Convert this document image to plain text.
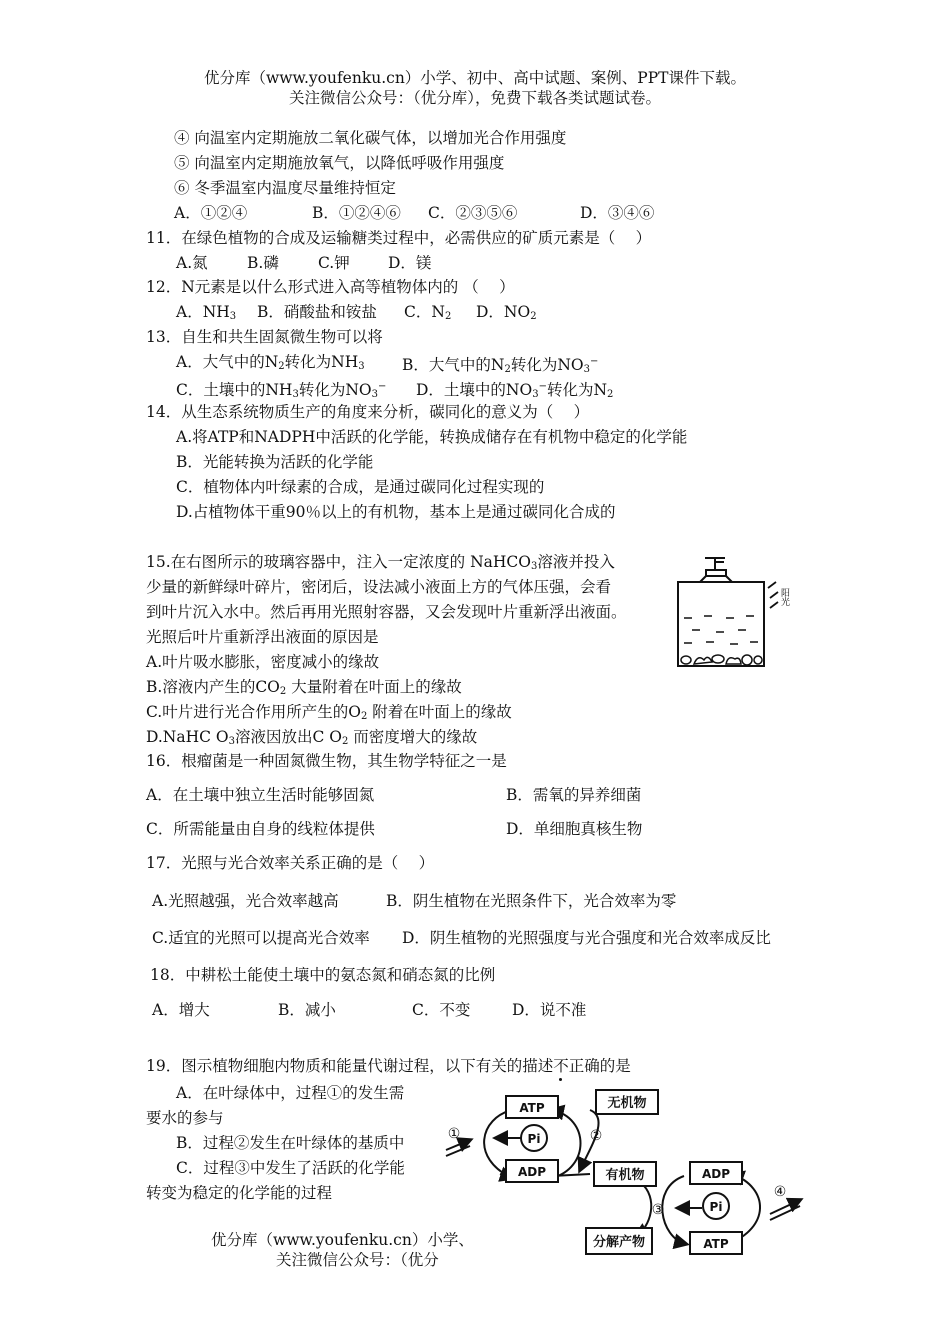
优分库（www.youfenku.cn）小学、初中、高中试题、案例、PPT课件下载。
关注微信公众号：（优分库），免费下载各类试题试卷。
④ 向温室内定期施放二氧化碳气体，以增加光合作用强度
⑤ 向温室内定期施放氧气，以降低呼吸作用强度
⑥ 冬季温室内温度尽量维持恒定
A．①②④	B．①②④⑥ C．②③⑤⑥	D．③④⑥
11．在绿色植物的合成及运输糖类过程中，必需供应的矿质元素是（　 ）
A.氮	B.磷	C.钾 D．镁
12．N元素是以什么形式进入高等植物体内的 （　 ）
A．$NH_3$ B．硝酸盐和铵盐 C．$N_2$ D．$NO_2$
13．自生和共生固氮微生物可以将
A．大气中的$N_2$转化为$NH_3$ B．大气中的$N_2$转化为$NO_3^-$
C．土壤中的$NH_3$转化为$NO_3^-$ D．土壤中的$NO_3^-$转化为$N_2$
14．从生态系统物质生产的角度来分析，碳同化的意义为（　 ）
A.将ATP和NADPH中活跃的化学能，转换成储存在有机物中稳定的化学能
B．光能转换为活跃的化学能
C．植物体内叶绿素的合成，是通过碳同化过程实现的
D.占植物体干重90％以上的有机物，基本上是通过碳同化合成的
15.在右图所示的玻璃容器中，注入一定浓度的 NaHCO$_3$溶液并投入
少量的新鲜绿叶碎片，密闭后，设法减小液面上方的气体压强，会看
到叶片沉入水中。然后再用光照射容器，又会发现叶片重新浮出液面。
光照后叶片重新浮出液面的原因是
A.叶片吸水膨胀，密度减小的缘故
B.溶液内产生的$CO_2$ 大量附着在叶面上的缘故
C.叶片进行光合作用所产生的$O_2$ 附着在叶面上的缘故
D.NaHC $O_3$溶液因放出C $O_2$ 而密度增大的缘故
阳光
16．根瘤菌是一种固氮微生物，其生物学特征之一是
A．在土壤中独立生活时能够固氮	B．需氧的异养细菌
C．所需能量由自身的线粒体提供	D．单细胞真核生物
17．光照与光合效率关系正确的是（　 ）
A.光照越强，光合效率越高	B．阴生植物在光照条件下，光合效率为零
C.适宜的光照可以提高光合效率 D．阴生植物的光照强度与光合强度和光合效率成反比
18．中耕松土能使土壤中的氨态氮和硝态氮的比例
A．增大	B．减小	C．不变	D．说不准
19．图示植物细胞内物质和能量代谢过程，以下有关的描述不正确的是
A．在叶绿体中，过程①的发生需
要水的参与
B．过程②发生在叶绿体的基质中
C．过程③中发生了活跃的化学能
转变为稳定的化学能的过程
ATP
ADP
Pi
无机物
有机物	ADP
Pi
ATP
分解产物
①	②
③
④
优分库（www.youfenku.cn）小学、
关注微信公众号：（优分
